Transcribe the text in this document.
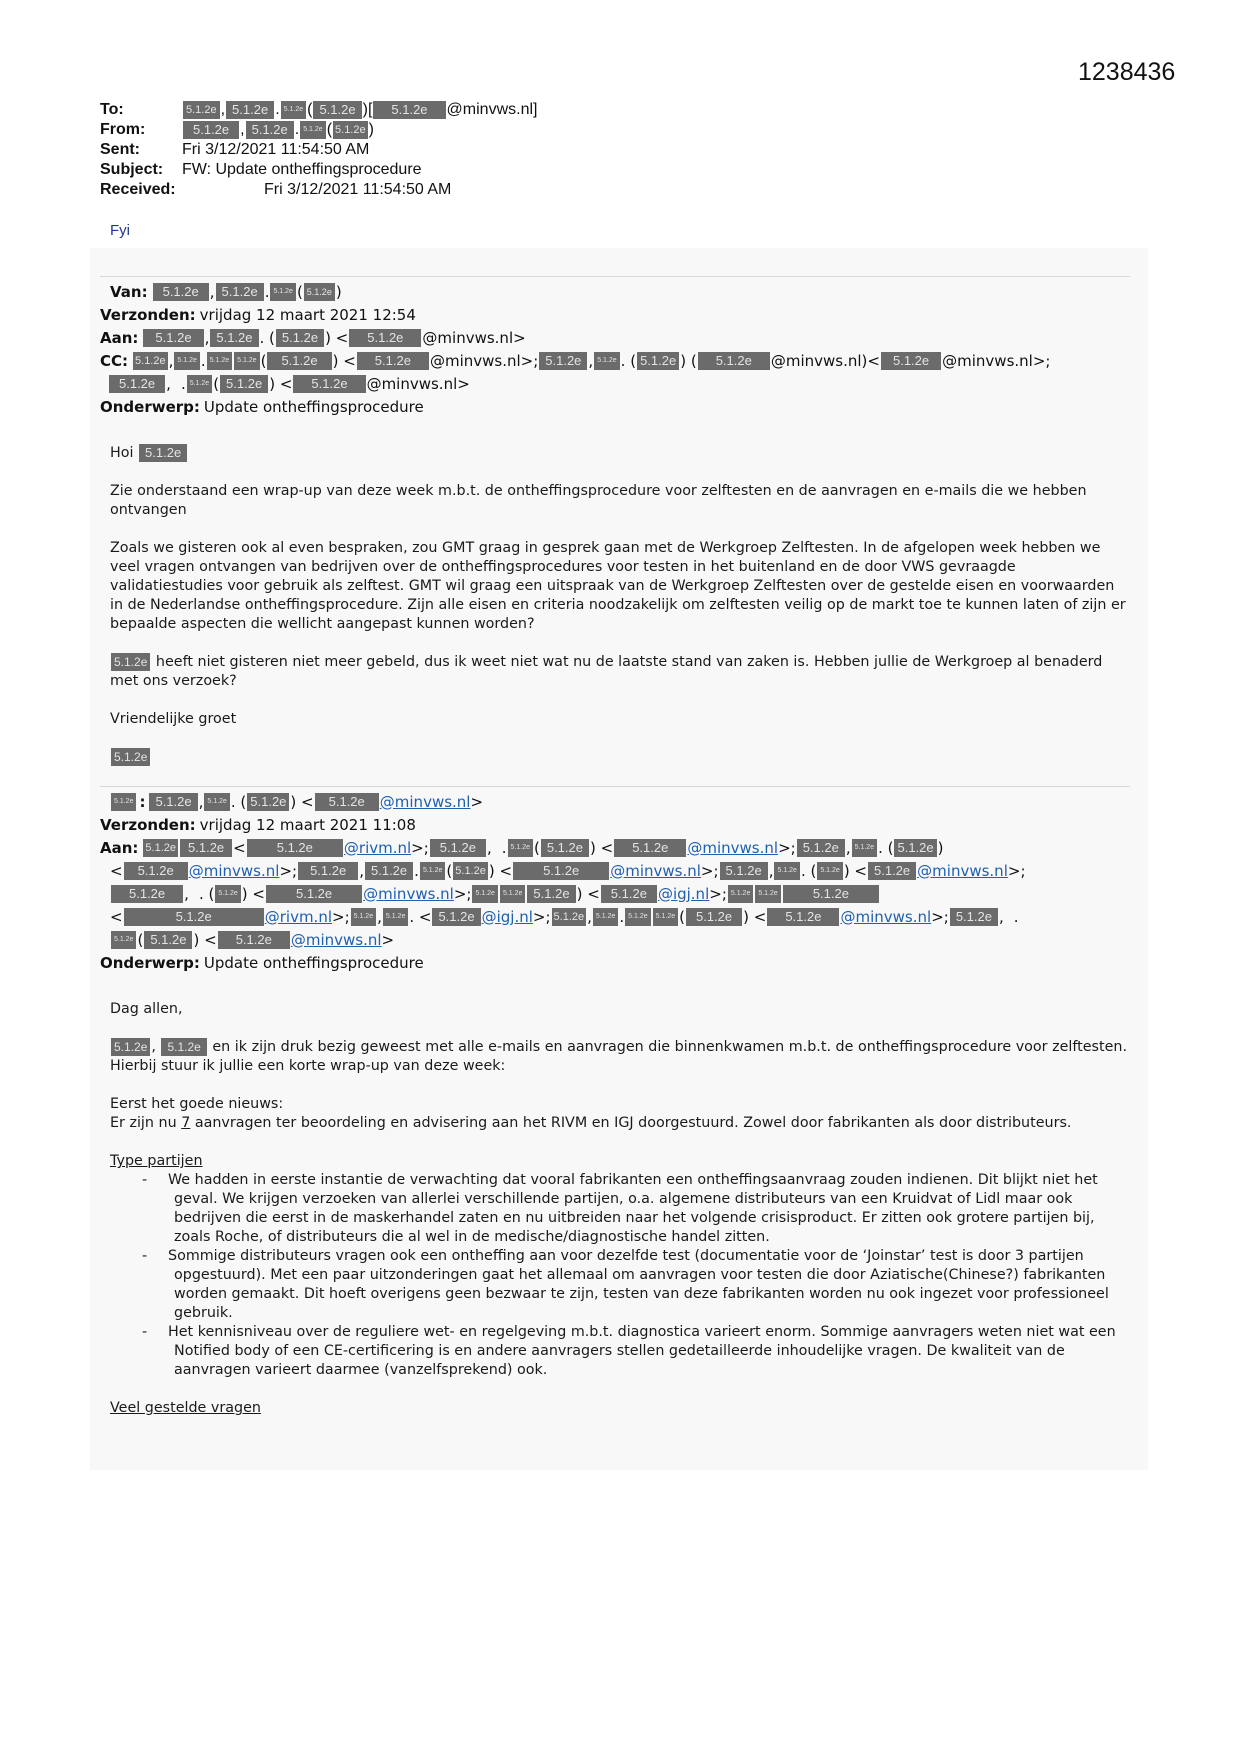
1238436
To:	5.1.2e , 5.1.2e . 5.1.2e ( 5.1.2e )[	5.1.2e	@minvws.nl]
From:	5.1.2e , 5.1.2e . 5.1.2e ( 5.1.2e )
Sent:	Fri 3/12/2021 11:54:50 AM
Subject:	FW: Update ontheffingsprocedure
Received:	Fri 3/12/2021 11:54:50 AM
Fyi
Van:	5.1.2e , 5.1.2e . 5.1.2e ( 5.1.2e )
Verzonden: vrijdag 12 maart 2021 12:54
Aan:	5.1.2e , 5.1.2e . ( 5.1.2e ) <	5.1.2e	@minvws.nl>
CC: 5.1.2e , 5.1.2e . 5.1.2e	5.1.2e (	5.1.2e	) <	5.1.2e	@minvws.nl>; 5.1.2e , 5.1.2e . ( 5.1.2e ) (	5.1.2e	@minvws.nl) <	5.1.2e @minvws.nl>;
5.1.2e ,
. 5.1.2e ( 5.1.2e ) <	5.1.2e	@minvws.nl>
Onderwerp: Update ontheffingsprocedure

Hoi 5.1.2e

Zie onderstaand een wrap-up van deze week m.b.t. de ontheffingsprocedure voor zelftesten en de aanvragen en e-mails die we hebben ontvangen

Zoals we gisteren ook al even bespraken, zou GMT graag in gesprek gaan met de Werkgroep Zelftesten. In de afgelopen week hebben we veel vragen ontvangen van bedrijven over de ontheffingsprocedures voor testen in het buitenland en de door VWS gevraagde validatiestudies voor gebruik als zelftest. GMT wil graag een uitspraak van de Werkgroep Zelftesten over de gestelde eisen en voorwaarden in de Nederlandse ontheffingsprocedure. Zijn alle eisen en criteria noodzakelijk om zelftesten veilig op de markt toe te kunnen laten of zijn er bepaalde aspecten die wellicht aangepast kunnen worden?

5.1.2e heeft niet gisteren niet meer gebeld, dus ik weet niet wat nu de laatste stand van zaken is. Hebben jullie de Werkgroep al benaderd met ons verzoek?

Vriendelijke groet

5.1.2e

5.1.2e : 5.1.2e , 5.1.2e . ( 5.1.2e ) <	5.1.2e	@minvws.nl >
Verzonden: vrijdag 12 maart 2021 11:08
Aan: 5.1.2e 5.1.2e <	5.1.2e	@rivm.nl >; 5.1.2e ,
. 5.1.2e ( 5.1.2e ) <	5.1.2e	@minvws.nl >; 5.1.2e , 5.1.2e . ( 5.1.2e )
<	5.1.2e	@minvws.nl >;	5.1.2e , 5.1.2e . 5.1.2e ( 5.1.2e ) <	5.1.2e	@minvws.nl >; 5.1.2e , 5.1.2e . ( 5.1.2e ) < 5.1.2e @minvws.nl >;
5.1.2e	,
. ( 5.1.2e ) <	5.1.2e	@minvws.nl >; 5.1.2e	5.1.2e 5.1.2e ) < 5.1.2e @igj.nl >; 5.1.2e	5.1.2e	5.1.2e
<	5.1.2e	@rivm.nl >; 5.1.2e , 5.1.2e . < 5.1.2e @igj.nl >; 5.1.2e , 5.1.2e . 5.1.2e	5.1.2e ( 5.1.2e ) <	5.1.2e	@minvws.nl >; 5.1.2e ,
.
5.1.2e ( 5.1.2e ) <	5.1.2e	@minvws.nl >
Onderwerp: Update ontheffingsprocedure

Dag allen,

5.1.2e , 5.1.2e en ik zijn druk bezig geweest met alle e-mails en aanvragen die binnenkwamen m.b.t. de ontheffingsprocedure voor zelftesten. Hierbij stuur ik jullie een korte wrap-up van deze week:

Eerst het goede nieuws:

Er zijn nu 7 aanvragen ter beoordeling en advisering aan het RIVM en IGJ doorgestuurd. Zowel door fabrikanten als door distributeurs.

Type partijen

- We hadden in eerste instantie de verwachting dat vooral fabrikanten een ontheffingsaanvraag zouden indienen. Dit blijkt niet het geval. We krijgen verzoeken van allerlei verschillende partijen, o.a. algemene distributeurs van een Kruidvat of Lidl maar ook bedrijven die eerst in de maskerhandel zaten en nu uitbreiden naar het volgende crisisproduct. Er zitten ook grotere partijen bij, zoals Roche, of distributeurs die al wel in de medische/diagnostische handel zitten.
- Sommige distributeurs vragen ook een ontheffing aan voor dezelfde test (documentatie voor de ‘Joinstar’ test is door 3 partijen opgestuurd). Met een paar uitzonderingen gaat het allemaal om aanvragen voor testen die door Aziatische(Chinese?) fabrikanten worden gemaakt. Dit hoeft overigens geen bezwaar te zijn, testen van deze fabrikanten worden nu ook ingezet voor professioneel gebruik.
- Het kennisniveau over de reguliere wet- en regelgeving m.b.t. diagnostica varieert enorm. Sommige aanvragers weten niet wat een Notified body of een CE-certificering is en andere aanvragers stellen gedetailleerde inhoudelijke vragen. De kwaliteit van de aanvragen varieert daarmee (vanzelfsprekend) ook.

Veel gestelde vragen
